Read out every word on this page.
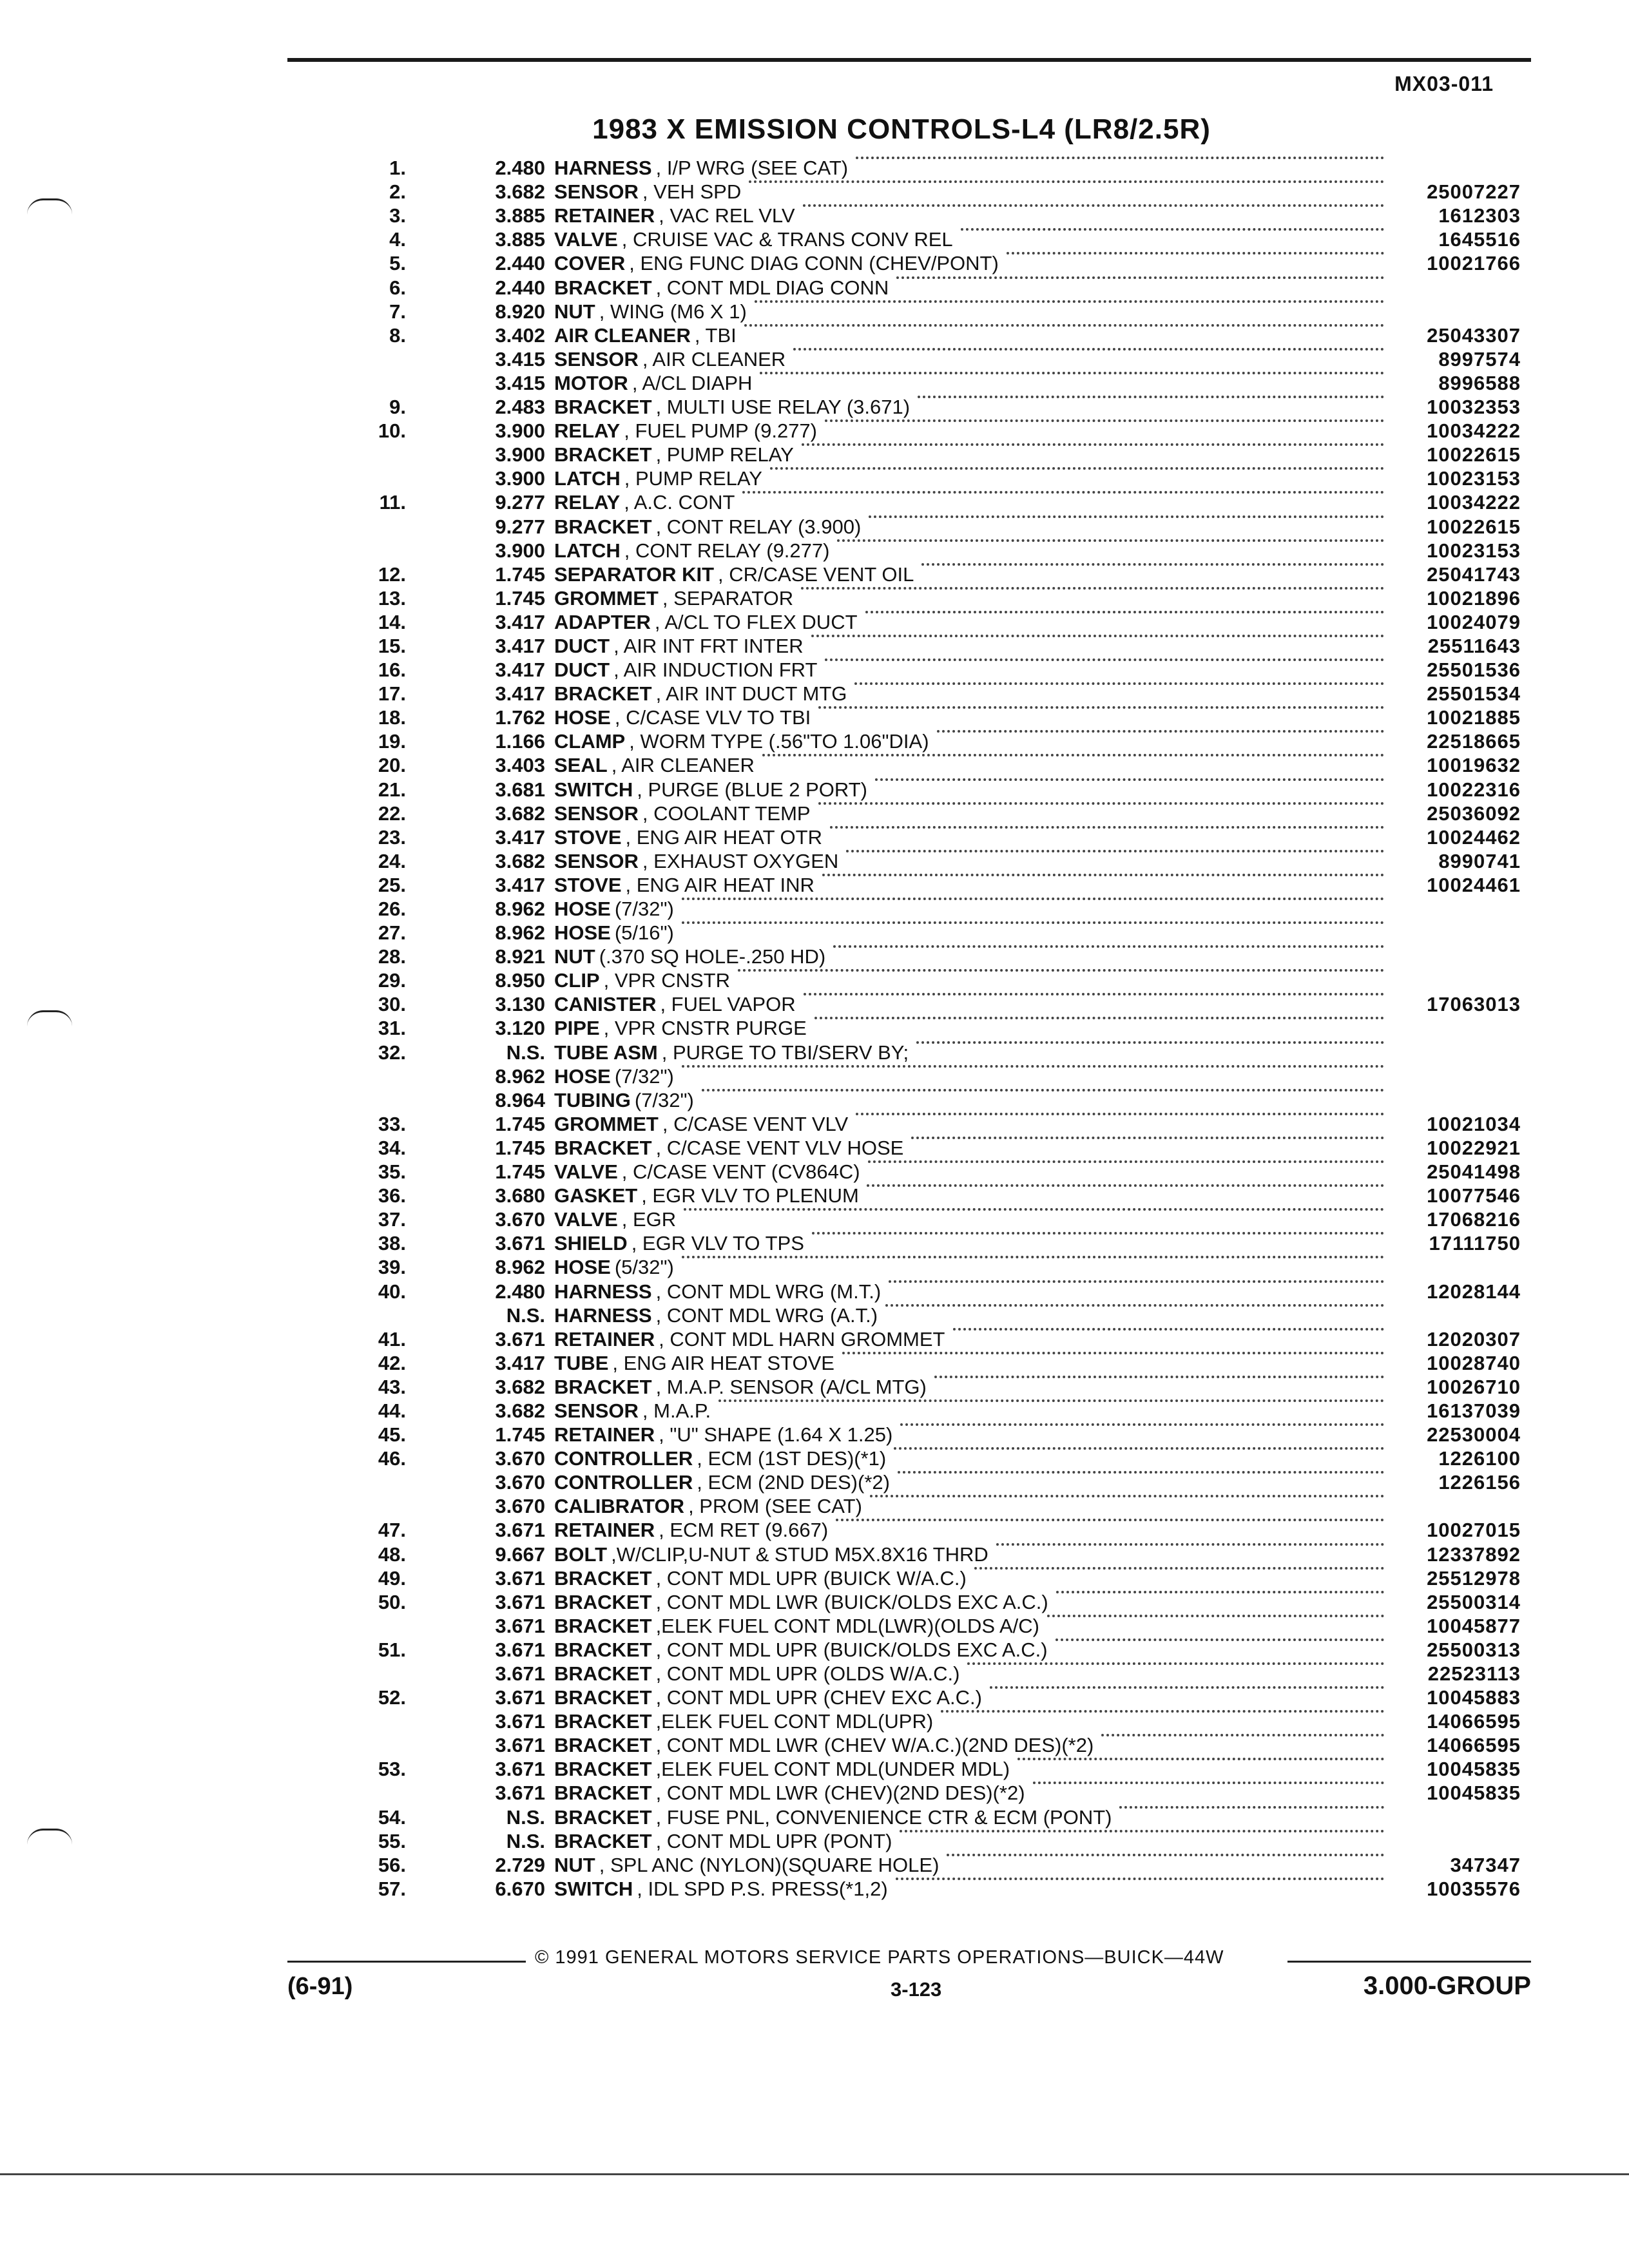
MX03-011
1983 X EMISSION CONTROLS-L4 (LR8/2.5R)
1.	2.480 HARNESS , I/P WRG (SEE CAT)
2.	3.682 SENSOR , VEH SPD	25007227
3.	3.885 RETAINER , VAC REL VLV	1612303
4.	3.885 VALVE , CRUISE VAC & TRANS CONV REL	1645516
5.	2.440 COVER , ENG FUNC DIAG CONN (CHEV/PONT)	10021766
6.	2.440 BRACKET , CONT MDL DIAG CONN
7.	8.920 NUT , WING (M6 X 1)
8.	3.402 AIR CLEANER , TBI	25043307
3.415 SENSOR , AIR CLEANER	8997574
3.415 MOTOR , A/CL DIAPH	8996588
9.	2.483 BRACKET , MULTI USE RELAY (3.671)	10032353
10.	3.900 RELAY , FUEL PUMP (9.277)	10034222
3.900 BRACKET , PUMP RELAY	10022615
3.900 LATCH , PUMP RELAY	10023153
11.	9.277 RELAY , A.C. CONT	10034222
9.277 BRACKET , CONT RELAY (3.900)	10022615
3.900 LATCH , CONT RELAY (9.277)	10023153
12.	1.745 SEPARATOR KIT , CR/CASE VENT OIL	25041743
13.	1.745 GROMMET , SEPARATOR	10021896
14.	3.417 ADAPTER , A/CL TO FLEX DUCT	10024079
15.	3.417 DUCT , AIR INT FRT INTER	25511643
16.	3.417 DUCT , AIR INDUCTION FRT	25501536
17.	3.417 BRACKET , AIR INT DUCT MTG	25501534
18.	1.762 HOSE , C/CASE VLV TO TBI	10021885
19.	1.166 CLAMP , WORM TYPE (.56"TO 1.06"DIA)	22518665
20.	3.403 SEAL , AIR CLEANER	10019632
21.	3.681 SWITCH , PURGE (BLUE 2 PORT)	10022316
22.	3.682 SENSOR , COOLANT TEMP	25036092
23.	3.417 STOVE , ENG AIR HEAT OTR	10024462
24.	3.682 SENSOR , EXHAUST OXYGEN	8990741
25.	3.417 STOVE , ENG AIR HEAT INR	10024461
26.	8.962 HOSE (7/32")
27.	8.962 HOSE (5/16")
28.	8.921 NUT (.370 SQ HOLE-.250 HD)
29.	8.950 CLIP , VPR CNSTR
30.	3.130 CANISTER , FUEL VAPOR	17063013
31.	3.120 PIPE , VPR CNSTR PURGE
32.	N.S. TUBE ASM , PURGE TO TBI/SERV BY;
8.962 HOSE (7/32")
8.964 TUBING (7/32")
33.	1.745 GROMMET , C/CASE VENT VLV	10021034
34.	1.745 BRACKET , C/CASE VENT VLV HOSE	10022921
35.	1.745 VALVE , C/CASE VENT (CV864C)	25041498
36.	3.680 GASKET , EGR VLV TO PLENUM	10077546
37.	3.670 VALVE , EGR	17068216
38.	3.671 SHIELD , EGR VLV TO TPS	17111750
39.	8.962 HOSE (5/32")
40.	2.480 HARNESS , CONT MDL WRG (M.T.)	12028144
N.S. HARNESS , CONT MDL WRG (A.T.)
41.	3.671 RETAINER , CONT MDL HARN GROMMET	12020307
42.	3.417 TUBE , ENG AIR HEAT STOVE	10028740
43.	3.682 BRACKET , M.A.P. SENSOR (A/CL MTG)	10026710
44.	3.682 SENSOR , M.A.P.	16137039
45.	1.745 RETAINER , "U" SHAPE (1.64 X 1.25)	22530004
46.	3.670 CONTROLLER , ECM (1ST DES)(*1)	1226100
3.670 CONTROLLER , ECM (2ND DES)(*2)	1226156
3.670 CALIBRATOR , PROM (SEE CAT)
47.	3.671 RETAINER , ECM RET (9.667)	10027015
48.	9.667 BOLT ,W/CLIP,U-NUT & STUD M5X.8X16 THRD	12337892
49.	3.671 BRACKET , CONT MDL UPR (BUICK W/A.C.)	25512978
50.	3.671 BRACKET , CONT MDL LWR (BUICK/OLDS EXC A.C.)	25500314
3.671 BRACKET ,ELEK FUEL CONT MDL(LWR)(OLDS A/C)	10045877
51.	3.671 BRACKET , CONT MDL UPR (BUICK/OLDS EXC A.C.)	25500313
3.671 BRACKET , CONT MDL UPR (OLDS W/A.C.)	22523113
52.	3.671 BRACKET , CONT MDL UPR (CHEV EXC A.C.)	10045883
3.671 BRACKET ,ELEK FUEL CONT MDL(UPR)	14066595
3.671 BRACKET , CONT MDL LWR (CHEV W/A.C.)(2ND DES)(*2)	14066595
53.	3.671 BRACKET ,ELEK FUEL CONT MDL(UNDER MDL)	10045835
3.671 BRACKET , CONT MDL LWR (CHEV)(2ND DES)(*2)	10045835
54.	N.S. BRACKET , FUSE PNL, CONVENIENCE CTR & ECM (PONT)
55.	N.S. BRACKET , CONT MDL UPR (PONT)
56.	2.729 NUT , SPL ANC (NYLON)(SQUARE HOLE)	347347
57.	6.670 SWITCH , IDL SPD P.S. PRESS(*1,2)	10035576
© 1991 GENERAL MOTORS SERVICE PARTS OPERATIONS—BUICK—44W
(6-91)	3-123	3.000-GROUP
